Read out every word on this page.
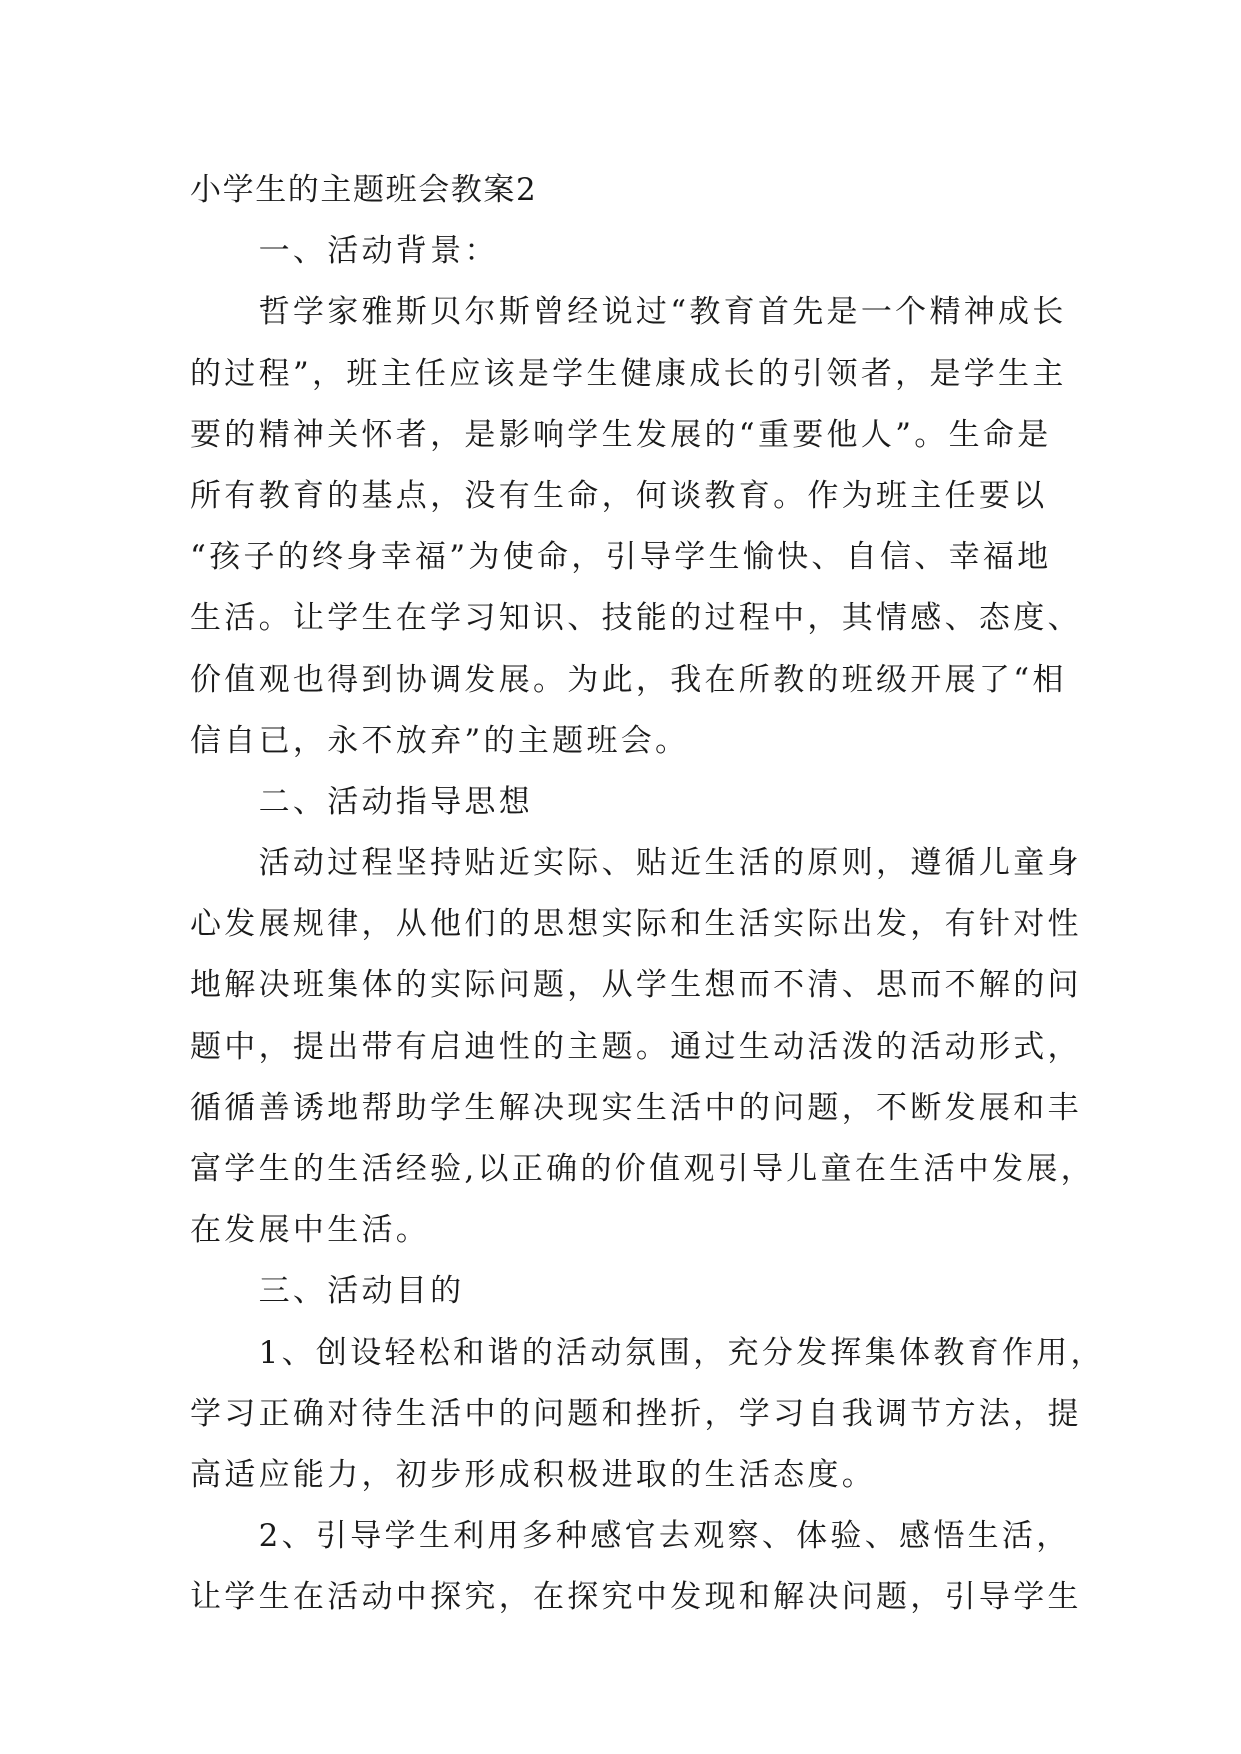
小学生的主题班会教案2
　　一、活动背景：
　　哲学家雅斯贝尔斯曾经说过“教育首先是一个精神成长
的过程”，班主任应该是学生健康成长的引领者，是学生主
要的精神关怀者，是影响学生发展的“重要他人”。生命是
所有教育的基点，没有生命，何谈教育。作为班主任要以
“孩子的终身幸福”为使命，引导学生愉快、自信、幸福地
生活。让学生在学习知识、技能的过程中，其情感、态度、
价值观也得到协调发展。为此，我在所教的班级开展了“相
信自已，永不放弃”的主题班会。
　　二、活动指导思想
　　活动过程坚持贴近实际、贴近生活的原则，遵循儿童身
心发展规律，从他们的思想实际和生活实际出发，有针对性
地解决班集体的实际问题，从学生想而不清、思而不解的问
题中，提出带有启迪性的主题。通过生动活泼的活动形式，
循循善诱地帮助学生解决现实生活中的问题，不断发展和丰
富学生的生活经验,以正确的价值观引导儿童在生活中发展，
在发展中生活。
　　三、活动目的
　　1、创设轻松和谐的活动氛围，充分发挥集体教育作用，
学习正确对待生活中的问题和挫折，学习自我调节方法，提
高适应能力，初步形成积极进取的生活态度。
　　2、引导学生利用多种感官去观察、体验、感悟生活，
让学生在活动中探究，在探究中发现和解决问题，引导学生
